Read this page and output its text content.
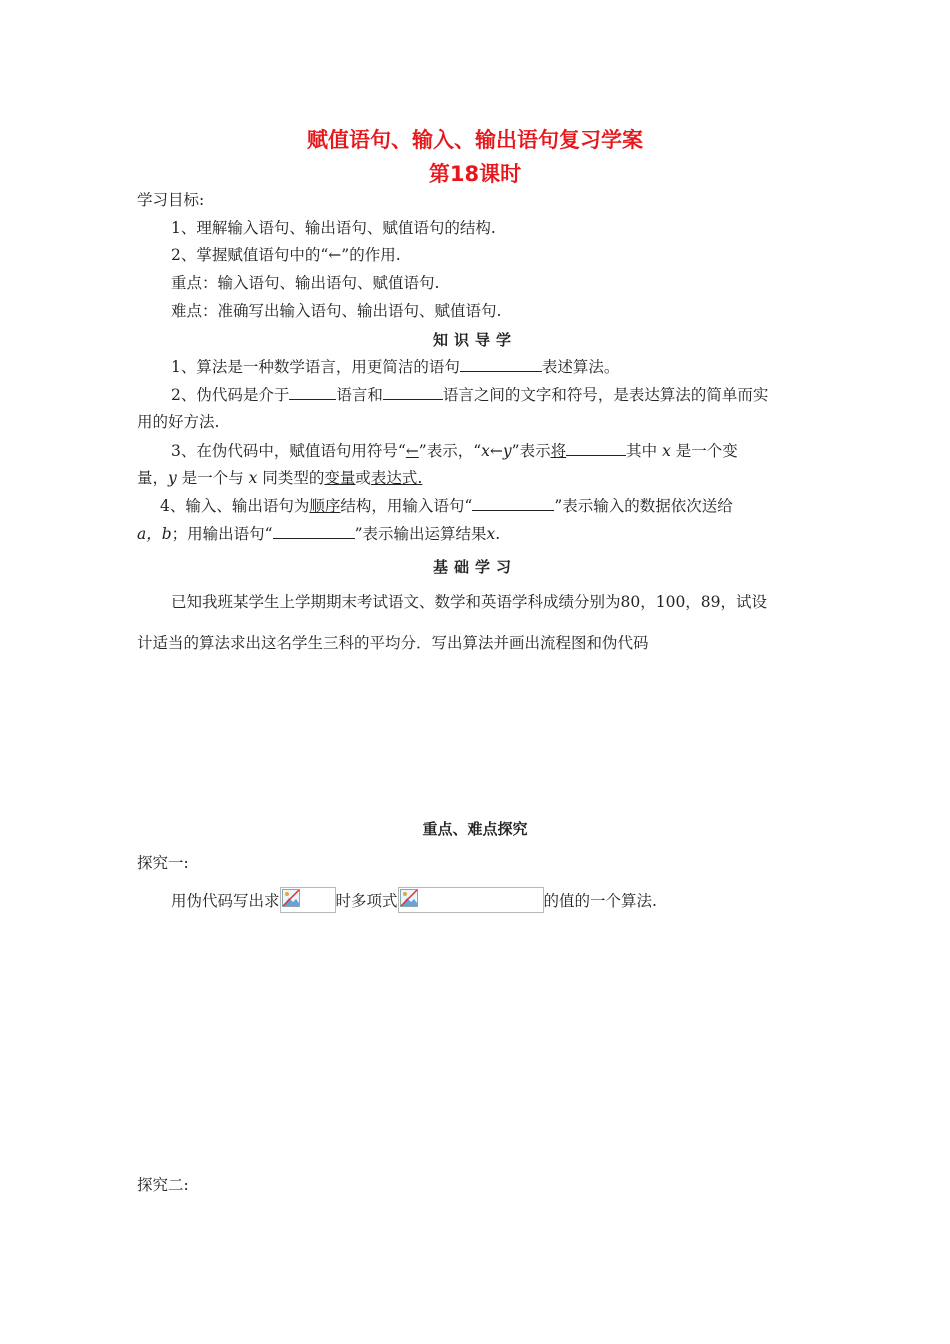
赋值语句、输入、输出语句复习学案
第18课时
学习目标:
1、理解输入语句、输出语句、赋值语句的结构.
2、掌握赋值语句中的“←”的作用.
重点：输入语句、输出语句、赋值语句.
难点：准确写出输入语句、输出语句、赋值语句.
知识导学
1、算法是一种数学语言，用更简洁的语句	表述算法。
2、伪代码是介于	语言和	语言之间的文字和符号，是表达算法的简单而实
用的好方法.
3、在伪代码中，赋值语句用符号“←”表示，“x←y”表示将	其中 x 是一个变
量，y 是一个与 x 同类型的变量或表达式.
4、输入、输出语句为顺序结构，用输入语句“	”表示输入的数据依次送给
a，b；用输出语句“	”表示输出运算结果x.
基础学习
已知我班某学生上学期期末考试语文、数学和英语学科成绩分别为80，100，89，试设
计适当的算法求出这名学生三科的平均分．写出算法并画出流程图和伪代码
重点、难点探究
探究一:
用伪代码写出求	时多项式	的值的一个算法.
探究二:
